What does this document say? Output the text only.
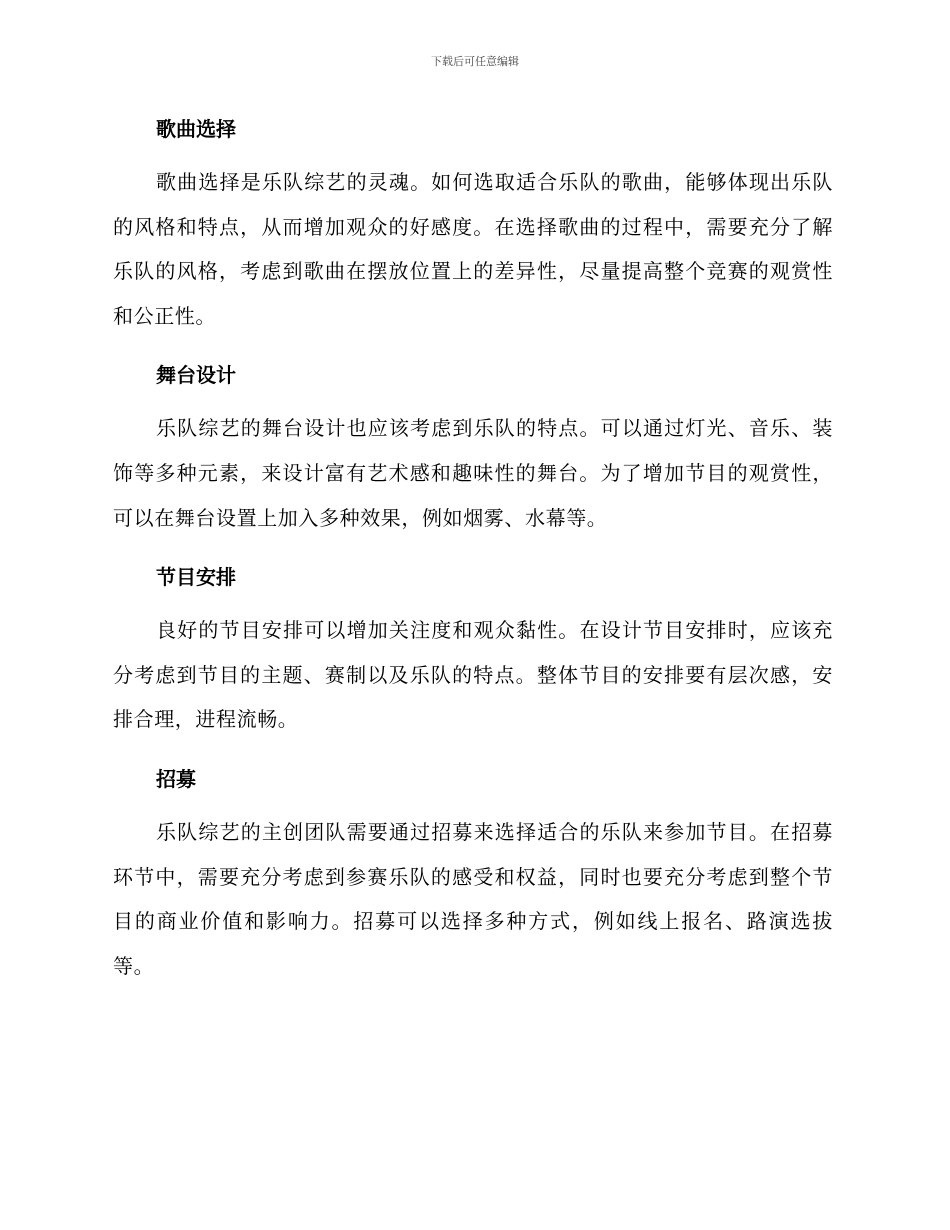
下载后可任意编辑
歌曲选择

歌曲选择是乐队综艺的灵魂。如何选取适合乐队的歌曲，能够体现出乐队的风格和特点，从而增加观众的好感度。在选择歌曲的过程中，需要充分了解乐队的风格，考虑到歌曲在摆放位置上的差异性，尽量提高整个竞赛的观赏性和公正性。

舞台设计

乐队综艺的舞台设计也应该考虑到乐队的特点。可以通过灯光、音乐、装饰等多种元素，来设计富有艺术感和趣味性的舞台。为了增加节目的观赏性，可以在舞台设置上加入多种效果，例如烟雾、水幕等。

节目安排

良好的节目安排可以增加关注度和观众黏性。在设计节目安排时，应该充分考虑到节目的主题、赛制以及乐队的特点。整体节目的安排要有层次感，安排合理，进程流畅。

招募

乐队综艺的主创团队需要通过招募来选择适合的乐队来参加节目。在招募环节中，需要充分考虑到参赛乐队的感受和权益，同时也要充分考虑到整个节目的商业价值和影响力。招募可以选择多种方式，例如线上报名、路演选拔等。
